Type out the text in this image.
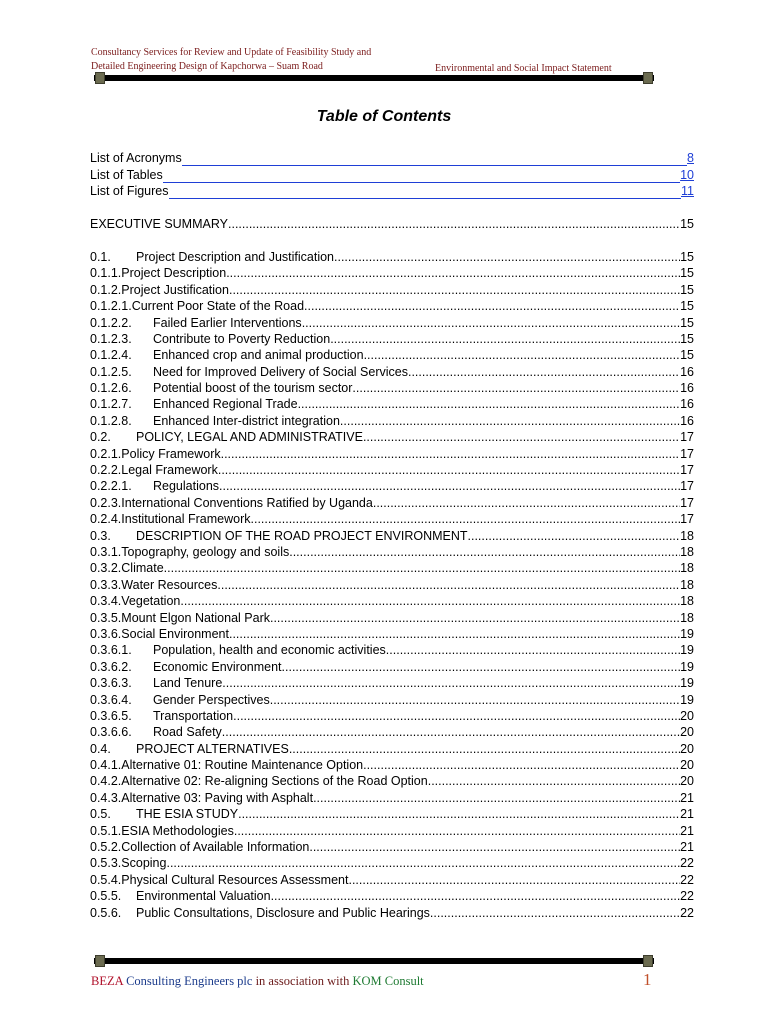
Consultancy Services for Review and Update of Feasibility Study and
Detailed Engineering Design of Kapchorwa – Suam Road	Environmental and Social Impact Statement
Table of Contents
List of Acronyms	8
List of Tables	10
List of Figures	11
EXECUTIVE SUMMARY .....	15
0.1.	Project Description and Justification .....	15
0.1.1. Project Description .....	15
0.1.2. Project Justification .....	15
0.1.2.1. Current Poor State of the Road .....	15
0.1.2.2.	Failed Earlier Interventions .....	15
0.1.2.3.	Contribute to Poverty Reduction .....	15
0.1.2.4.	Enhanced crop and animal production .....	15
0.1.2.5.	Need for Improved Delivery of Social Services .....	16
0.1.2.6.	Potential boost of the tourism sector .....	16
0.1.2.7.	Enhanced Regional Trade .....	16
0.1.2.8.	Enhanced Inter-district integration .....	16
0.2.	POLICY, LEGAL AND ADMINISTRATIVE .....	17
0.2.1. Policy Framework .....	17
0.2.2. Legal Framework .....	17
0.2.2.1.	Regulations .....	17
0.2.3. International Conventions Ratified by Uganda .....	17
0.2.4. Institutional Framework .....	17
0.3.	DESCRIPTION OF THE ROAD PROJECT ENVIRONMENT .....	18
0.3.1. Topography, geology and soils .....	18
0.3.2. Climate .....	18
0.3.3. Water Resources .....	18
0.3.4. Vegetation .....	18
0.3.5. Mount Elgon National Park .....	18
0.3.6. Social Environment .....	19
0.3.6.1.	Population, health and economic activities .....	19
0.3.6.2.	Economic Environment .....	19
0.3.6.3.	Land Tenure .....	19
0.3.6.4.	Gender Perspectives .....	19
0.3.6.5.	Transportation .....	20
0.3.6.6.	Road Safety .....	20
0.4.	PROJECT ALTERNATIVES .....	20
0.4.1. Alternative 01: Routine Maintenance Option .....	20
0.4.2. Alternative 02: Re-aligning Sections of the Road Option .....	20
0.4.3. Alternative 03: Paving with Asphalt .....	21
0.5.	THE ESIA STUDY .....	21
0.5.1. ESIA Methodologies .....	21
0.5.2. Collection of Available Information .....	21
0.5.3. Scoping .....	22
0.5.4. Physical Cultural Resources Assessment .....	22
0.5.5.	Environmental Valuation .....	22
0.5.6.	Public Consultations, Disclosure and Public Hearings .....	22
BEZA Consulting Engineers plc in association with KOM Consult	1
